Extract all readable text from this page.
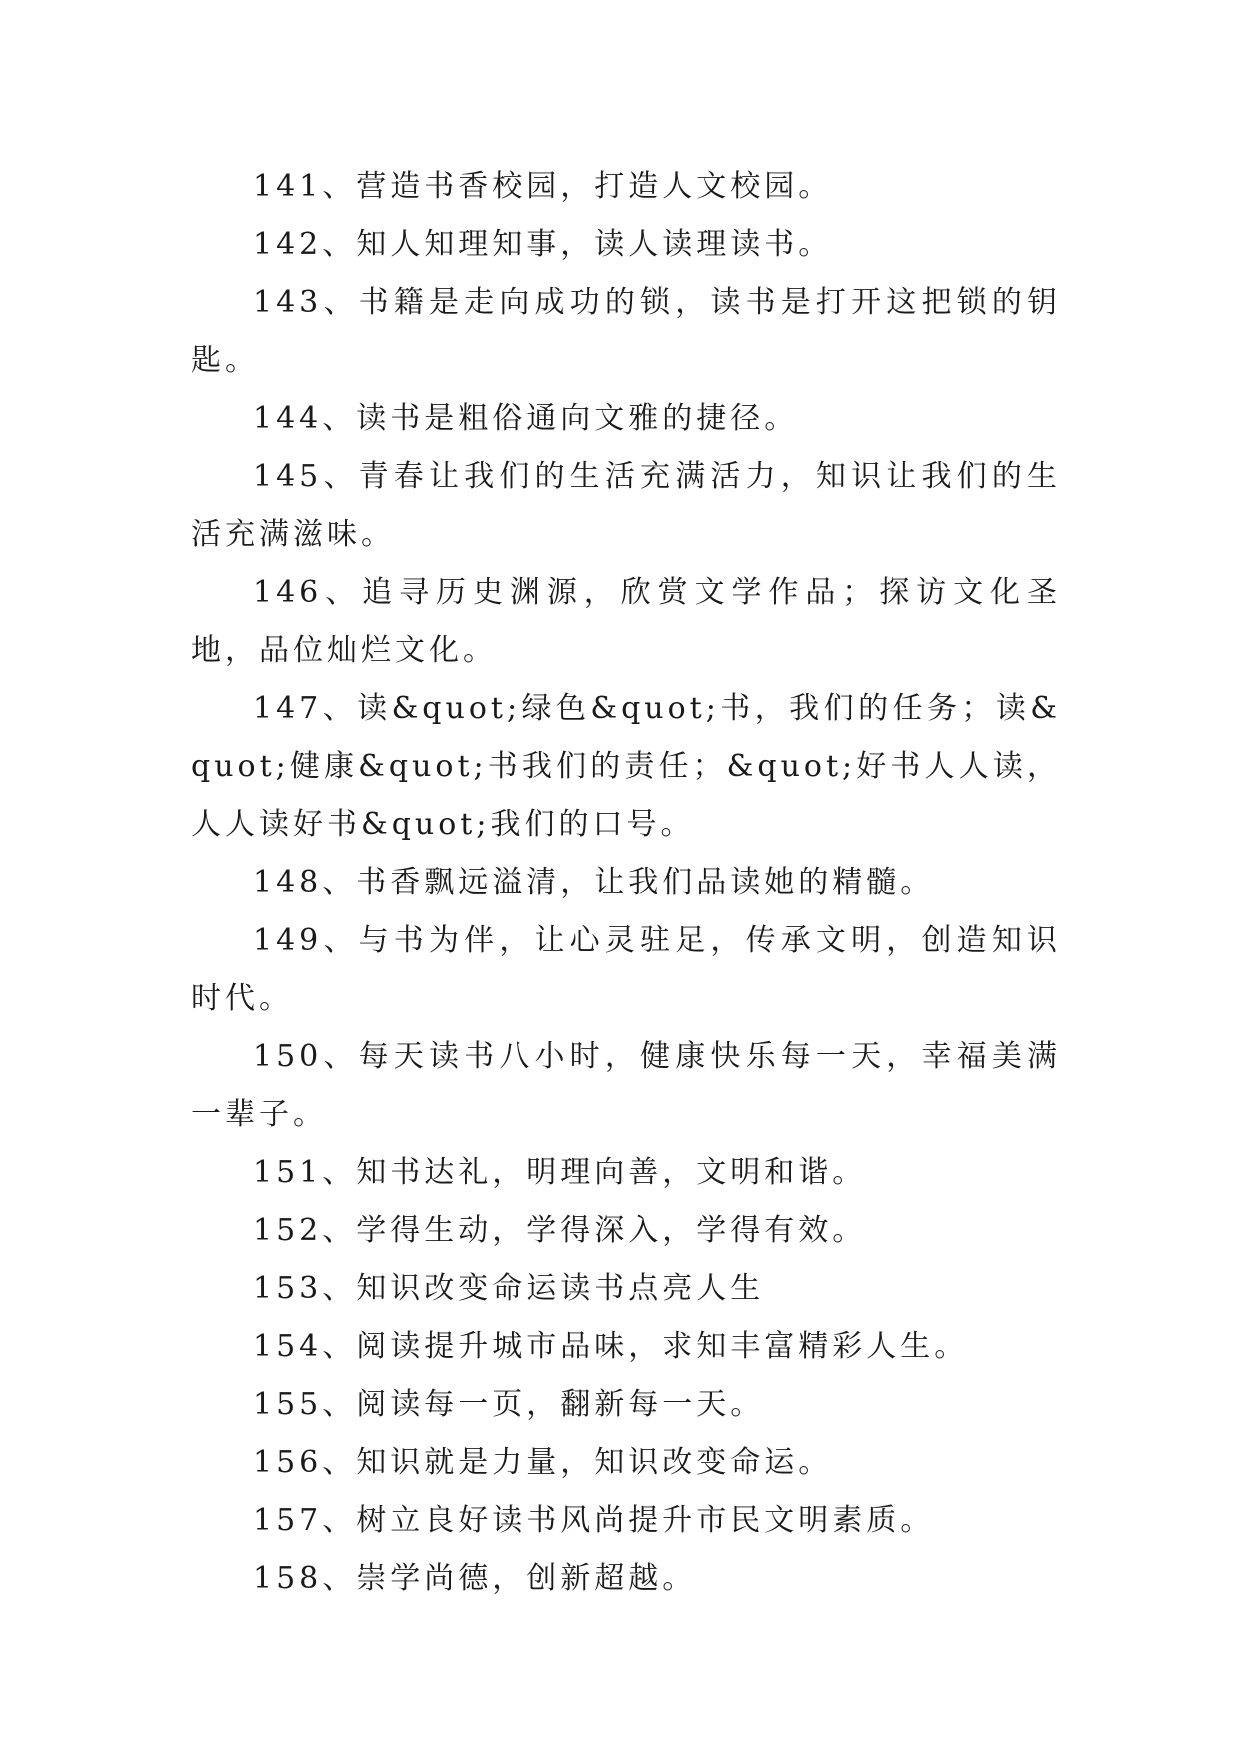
141、营造书香校园，打造人文校园。

142、知人知理知事，读人读理读书。

143、书籍是走向成功的锁，读书是打开这把锁的钥匙。

144、读书是粗俗通向文雅的捷径。

145、青春让我们的生活充满活力，知识让我们的生活充满滋味。

146、追寻历史渊源，欣赏文学作品；探访文化圣地，品位灿烂文化。

147、读&quot;绿色&quot;书，我们的任务；读&quot;健康&quot;书我们的责任；&quot;好书人人读，人人读好书&quot;我们的口号。

148、书香飘远溢清，让我们品读她的精髓。

149、与书为伴，让心灵驻足，传承文明，创造知识时代。

150、每天读书八小时，健康快乐每一天，幸福美满一辈子。

151、知书达礼，明理向善，文明和谐。

152、学得生动，学得深入，学得有效。

153、知识改变命运读书点亮人生

154、阅读提升城市品味，求知丰富精彩人生。

155、阅读每一页，翻新每一天。

156、知识就是力量，知识改变命运。

157、树立良好读书风尚提升市民文明素质。

158、崇学尚德，创新超越。
